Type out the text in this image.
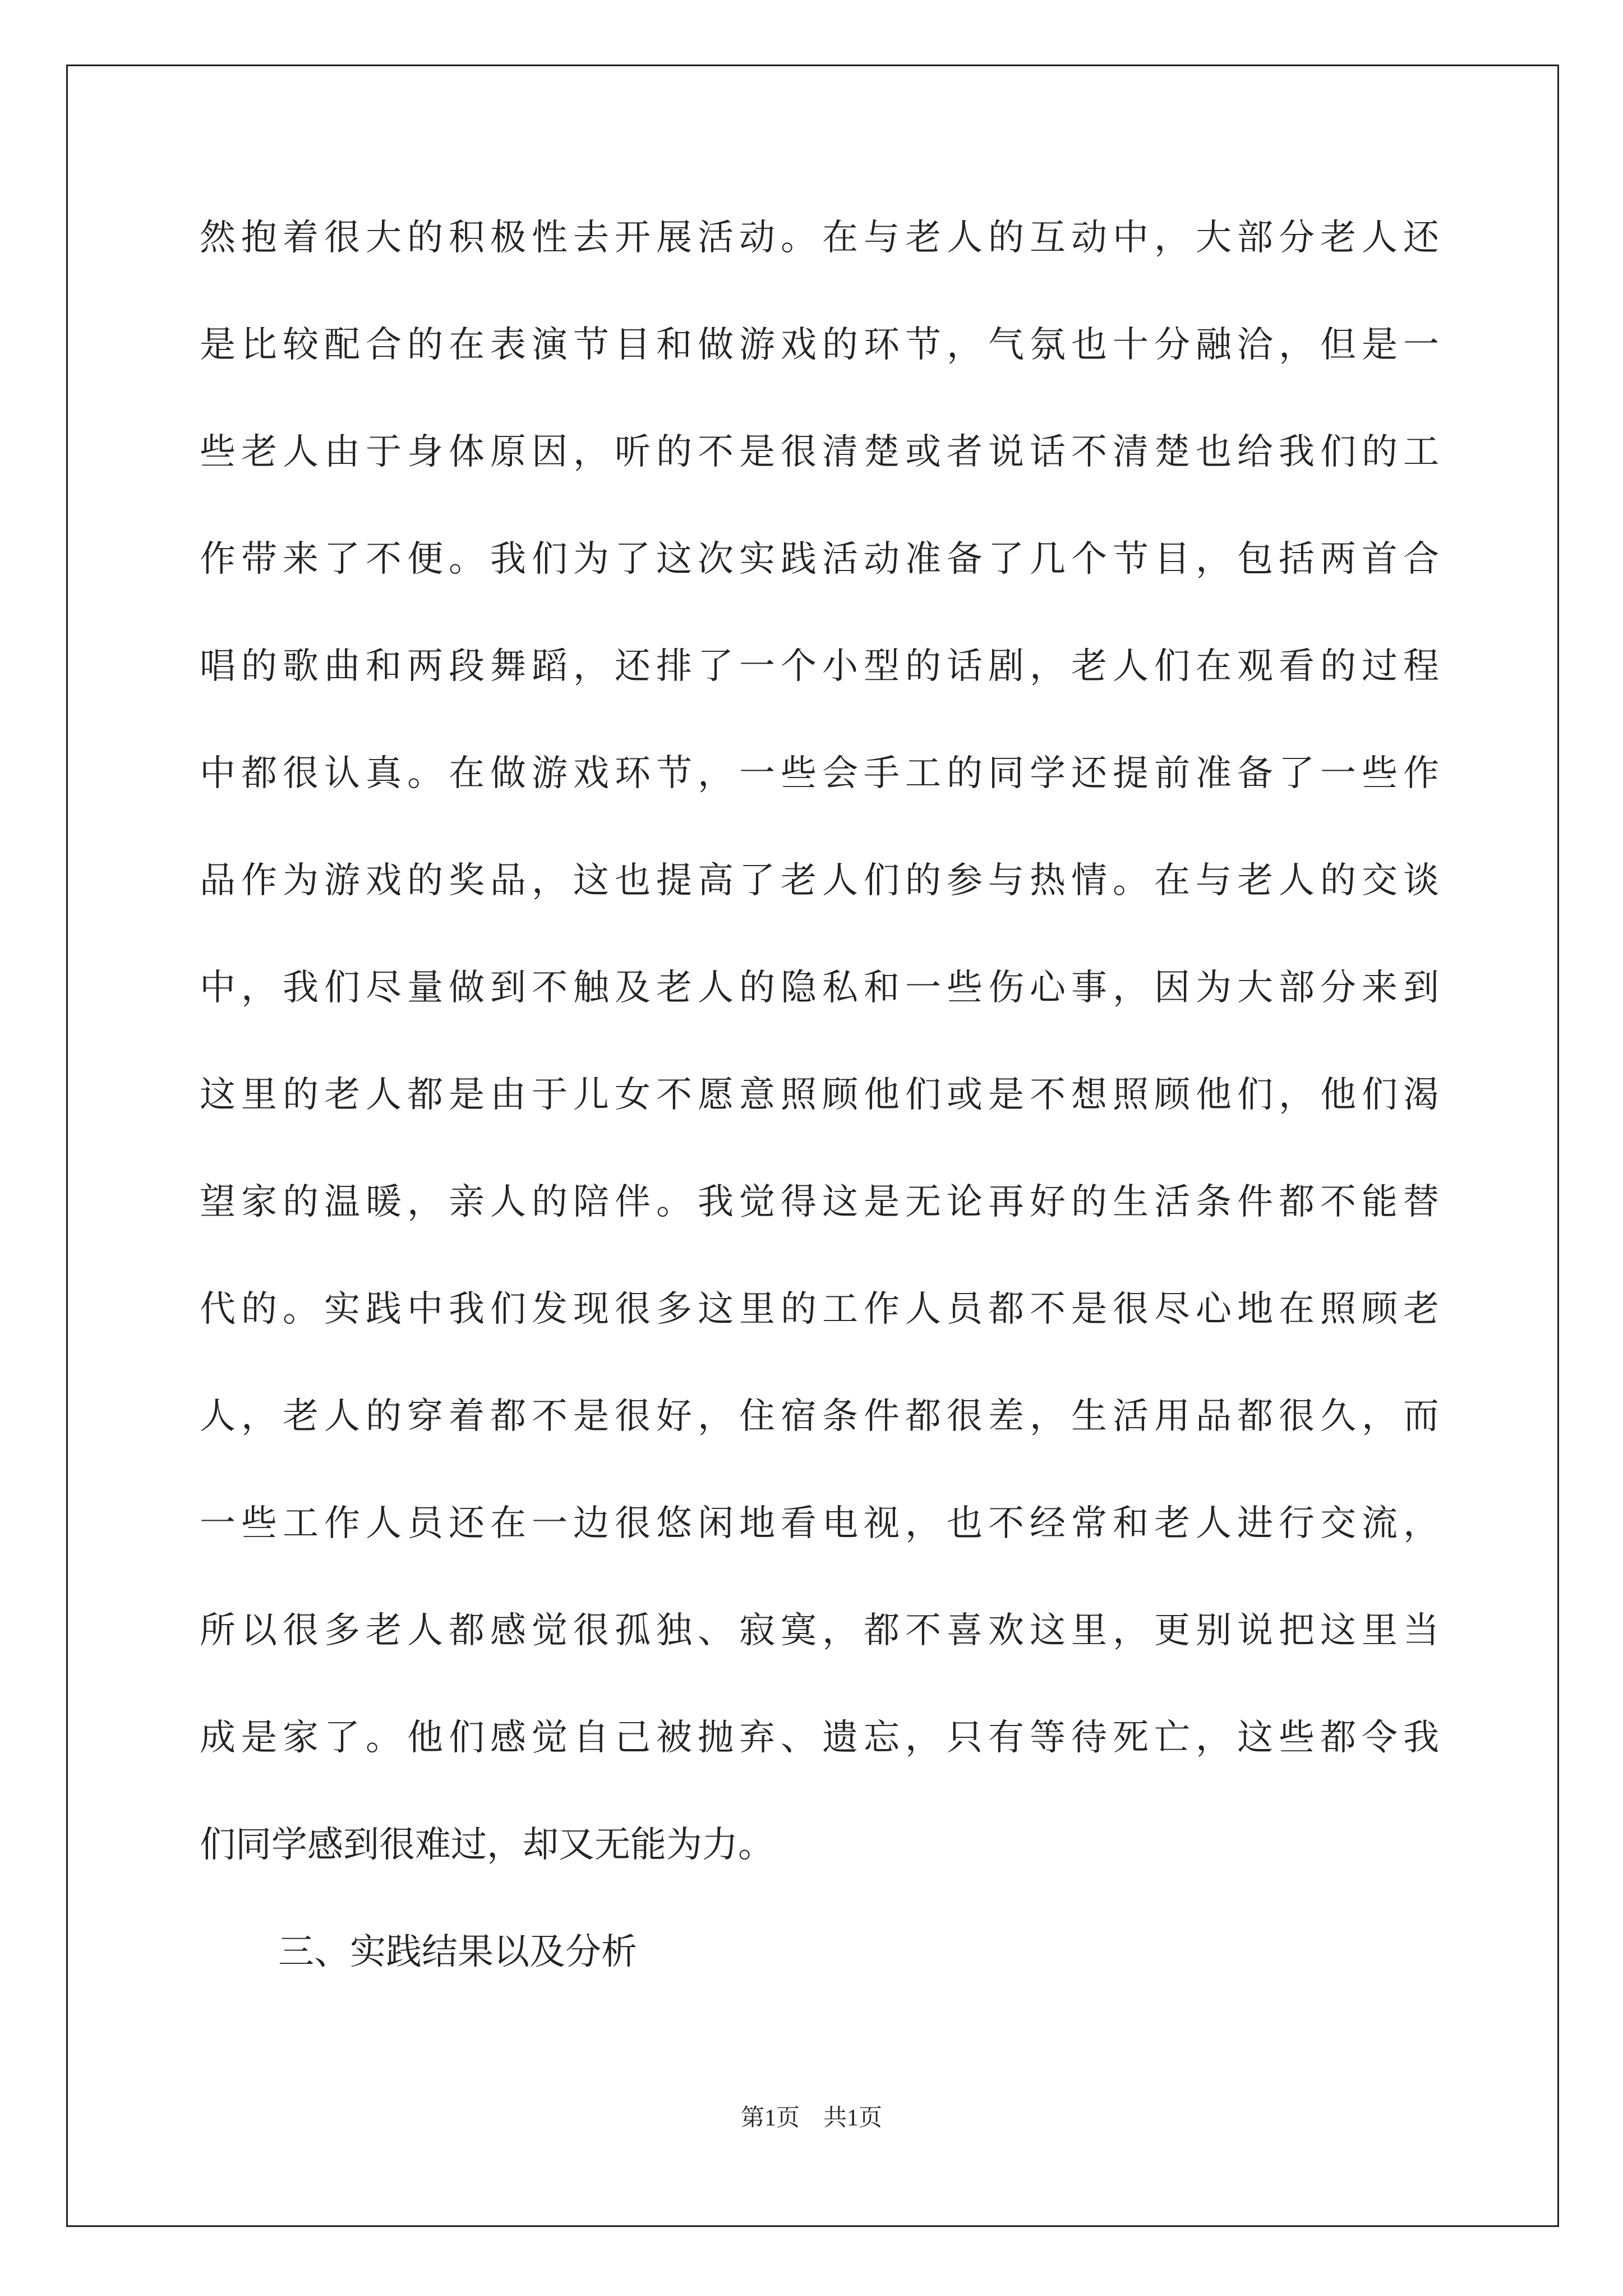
然抱着很大的积极性去开展活动。在与老人的互动中，大部分老人还
是比较配合的在表演节目和做游戏的环节，气氛也十分融洽，但是一
些老人由于身体原因，听的不是很清楚或者说话不清楚也给我们的工
作带来了不便。我们为了这次实践活动准备了几个节目，包括两首合
唱的歌曲和两段舞蹈，还排了一个小型的话剧，老人们在观看的过程
中都很认真。在做游戏环节，一些会手工的同学还提前准备了一些作
品作为游戏的奖品，这也提高了老人们的参与热情。在与老人的交谈
中，我们尽量做到不触及老人的隐私和一些伤心事，因为大部分来到
这里的老人都是由于儿女不愿意照顾他们或是不想照顾他们，他们渴
望家的温暖，亲人的陪伴。我觉得这是无论再好的生活条件都不能替
代的。实践中我们发现很多这里的工作人员都不是很尽心地在照顾老
人，老人的穿着都不是很好，住宿条件都很差，生活用品都很久，而
一些工作人员还在一边很悠闲地看电视，也不经常和老人进行交流，
所以很多老人都感觉很孤独、寂寞，都不喜欢这里，更别说把这里当
成是家了。他们感觉自己被抛弃、遗忘，只有等待死亡，这些都令我
们同学感到很难过，却又无能为力。
三、实践结果以及分析
第1页　共1页
